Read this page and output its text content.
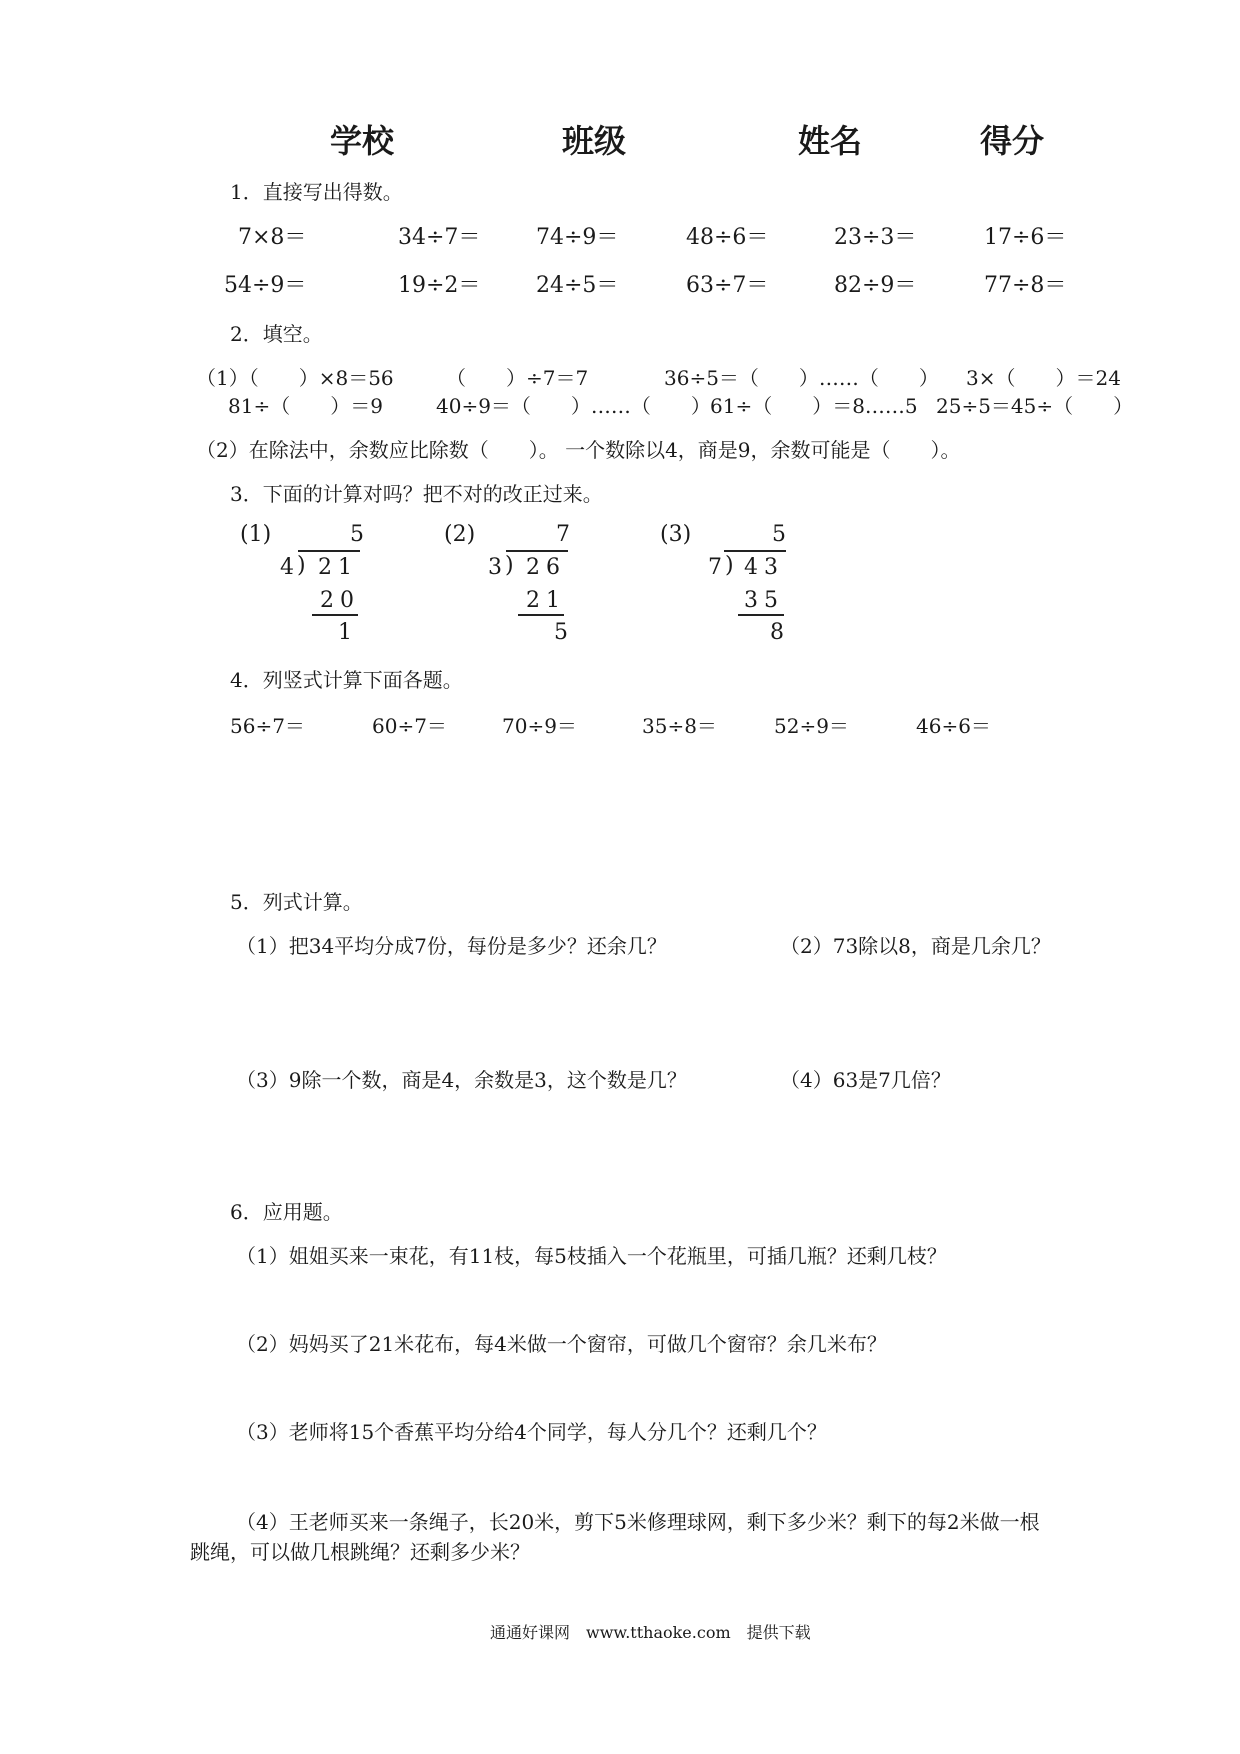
学校	班级	姓名	得分
1．直接写出得数。
7×8＝	34÷7＝	74÷9＝	48÷6＝	23÷3＝	17÷6＝
54÷9＝	19÷2＝	24÷5＝	63÷7＝	82÷9＝	77÷8＝
2．填空。
（1）（　　）×8＝56	（　　）÷7＝7	36÷5＝（　　）……（　　） 3×（　　）＝24
81÷（　　）＝9	40÷9＝（　　）……（　　） 61÷（　　）＝8……5 25÷5＝45÷（　　）
（2）在除法中，余数应比除数（　　）。 一个数除以4，商是9，余数可能是（　　）。
3．下面的计算对吗？把不对的改正过来。
(1)	5
4 ) 21
20
1
(2)	7
3 ) 26
21
5
(3)	5
7 ) 43
35
8
4．列竖式计算下面各题。
56÷7＝	60÷7＝	70÷9＝	35÷8＝	52÷9＝	46÷6＝
5．列式计算。
（1）把34平均分成7份，每份是多少？还余几？	（2）73除以8，商是几余几？
（3）9除一个数，商是4，余数是3，这个数是几？	（4）63是7几倍？
6．应用题。
（1）姐姐买来一束花，有11枝，每5枝插入一个花瓶里，可插几瓶？还剩几枝？
（2）妈妈买了21米花布，每4米做一个窗帘，可做几个窗帘？余几米布？
（3）老师将15个香蕉平均分给4个同学，每人分几个？还剩几个？
（4）王老师买来一条绳子，长20米，剪下5米修理球网，剩下多少米？剩下的每2米做一根
跳绳，可以做几根跳绳？还剩多少米？
通通好课网　www.tthaoke.com　提供下载
